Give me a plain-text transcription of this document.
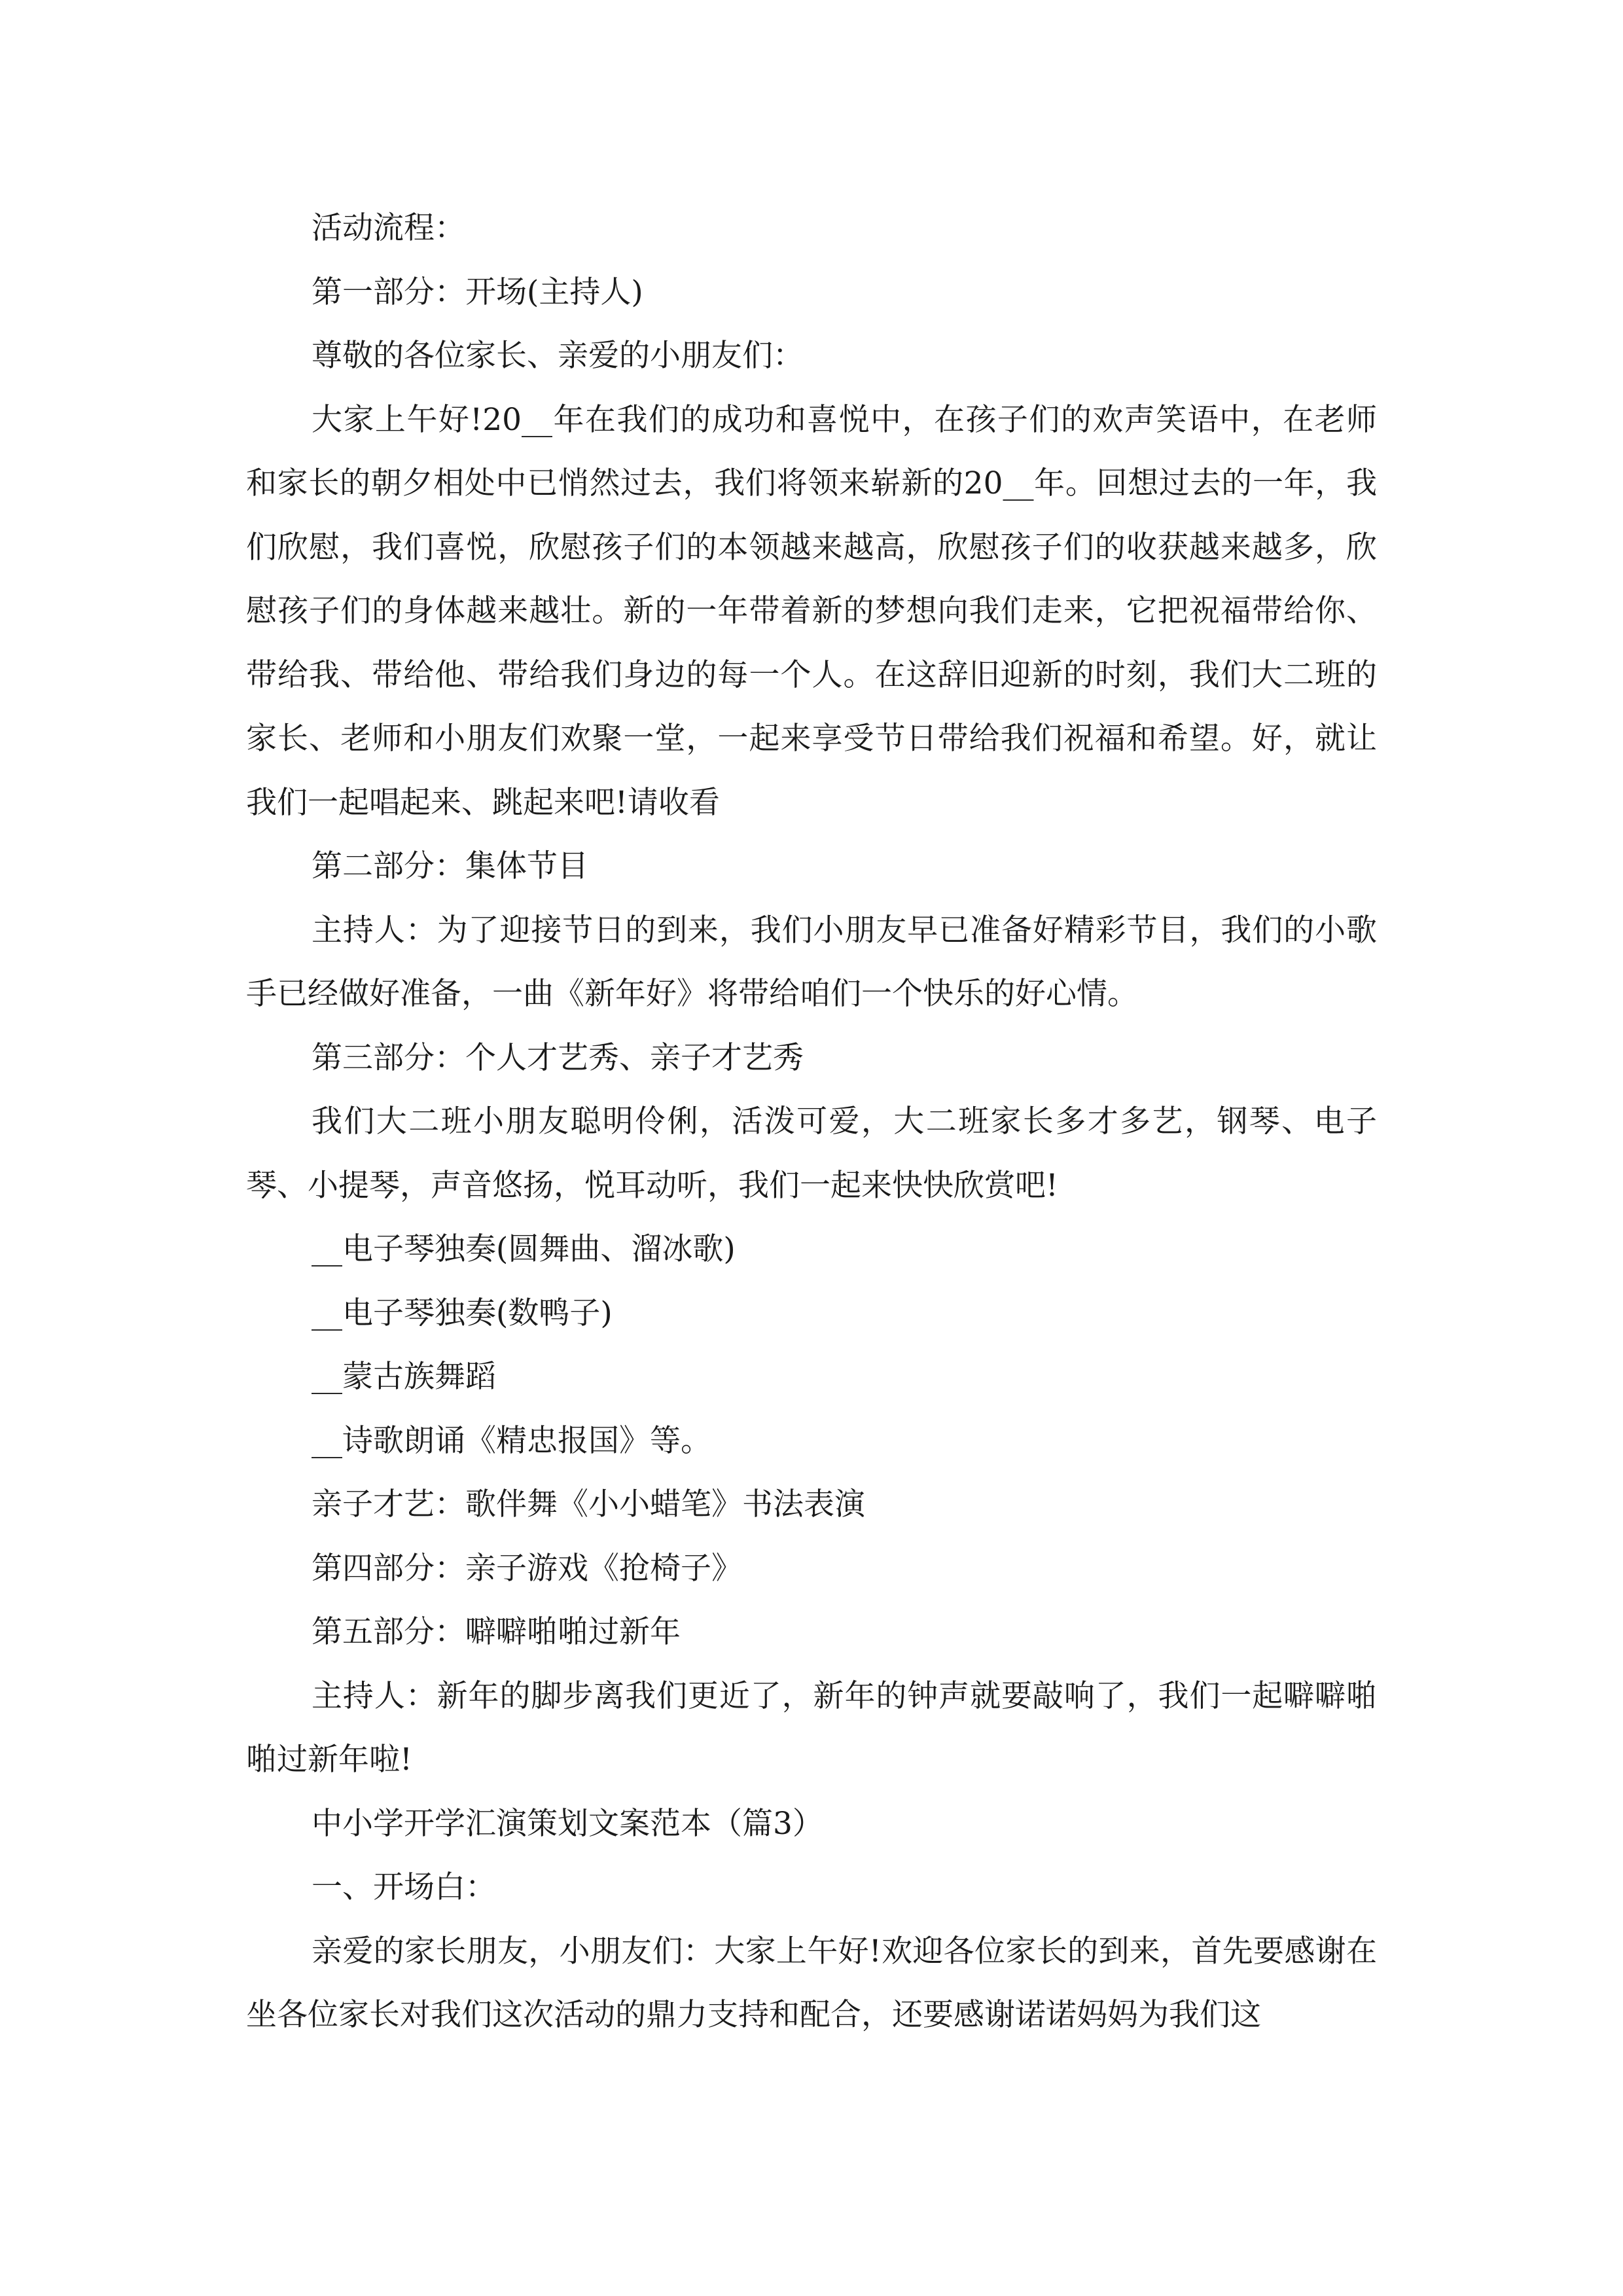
活动流程：

第一部分：开场(主持人)

尊敬的各位家长、亲爱的小朋友们：

大家上午好!20__年在我们的成功和喜悦中，在孩子们的欢声笑语中，在老师和家长的朝夕相处中已悄然过去，我们将领来崭新的20__年。回想过去的一年，我们欣慰，我们喜悦，欣慰孩子们的本领越来越高，欣慰孩子们的收获越来越多，欣慰孩子们的身体越来越壮。新的一年带着新的梦想向我们走来，它把祝福带给你、带给我、带给他、带给我们身边的每一个人。在这辞旧迎新的时刻，我们大二班的家长、老师和小朋友们欢聚一堂，一起来享受节日带给我们祝福和希望。好，就让我们一起唱起来、跳起来吧!请收看

第二部分：集体节目

主持人：为了迎接节日的到来，我们小朋友早已准备好精彩节目，我们的小歌手已经做好准备，一曲《新年好》将带给咱们一个快乐的好心情。

第三部分：个人才艺秀、亲子才艺秀

我们大二班小朋友聪明伶俐，活泼可爱，大二班家长多才多艺，钢琴、电子琴、小提琴，声音悠扬，悦耳动听，我们一起来快快欣赏吧!

__电子琴独奏(圆舞曲、溜冰歌)

__电子琴独奏(数鸭子)

__蒙古族舞蹈

__诗歌朗诵《精忠报国》等。

亲子才艺：歌伴舞《小小蜡笔》书法表演

第四部分：亲子游戏《抢椅子》

第五部分：噼噼啪啪过新年

主持人：新年的脚步离我们更近了，新年的钟声就要敲响了，我们一起噼噼啪啪过新年啦!

中小学开学汇演策划文案范本（篇3）

一、开场白：

亲爱的家长朋友，小朋友们：大家上午好!欢迎各位家长的到来，首先要感谢在坐各位家长对我们这次活动的鼎力支持和配合，还要感谢诺诺妈妈为我们这
